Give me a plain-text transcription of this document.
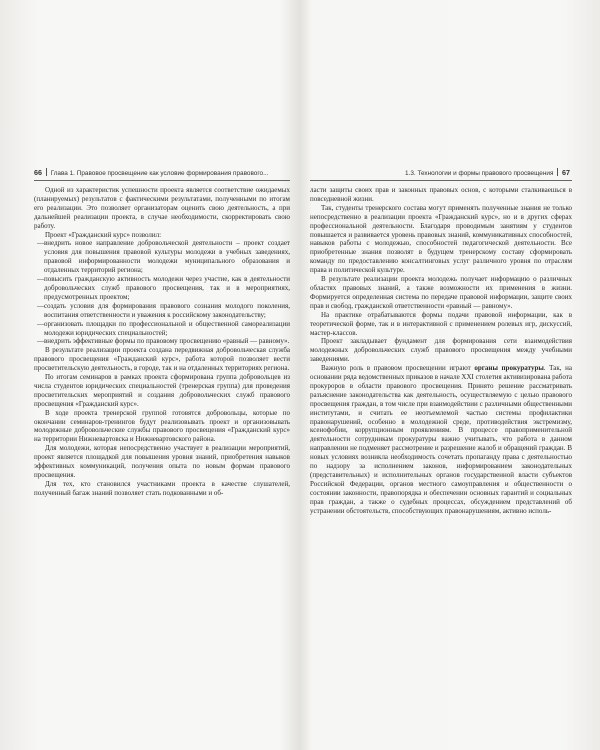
66 Глава 1. Правовое просвещение как условие формирования правового...

Одной из характеристик успешности проекта является соответствие ожидаемых (планируемых) результатов с фактическими результатами, полученными по итогам его реализации. Это позволяет организаторам оценить свою деятельность, а при дальнейшей реализации проекта, в случае необходимости, скорректировать свою работу.

Проект «Гражданский курс» позволил:

—внедрить новое направление добровольческой деятельности – проект создает условия для повышения правовой культуры молодежи в учебных заведениях, правовой информированности молодежи муниципального образования и отдаленных территорий региона;
—повысить гражданскую активность молодежи через участие, как в деятельности добровольческих служб правового просвещения, так и в мероприятиях, предусмотренных проектом;
—создать условия для формирования правового сознания молодого поколения, воспитания ответственности и уважения к российскому законодательству;
—организовать площадки по профессиональной и общественной самореализации молодежи юридических специальностей;
—внедрить эффективные формы по правовому просвещению «равный — равному».

В результате реализации проекта создана передвижная добровольческая служба правового просвещения «Гражданский курс», работа которой позволяет вести просветительскую деятельность, в городе, так и на отдаленных территориях региона.

По итогам семинаров в рамках проекта сформирована группа добровольцев из числа студентов юридических специальностей (тренерская группа) для проведения просветительских мероприятий и создания добровольческих служб правового просвещения «Гражданский курс».

В ходе проекта тренерской группой готовятся добровольцы, которые по окончании семинаров-тренингов будут реализовывать проект и организовывать молодежные добровольческие службы правового просвещения «Гражданский курс» на территории Нижневартовска и Нижневартовского района.

Для молодежи, которая непосредственно участвует в реализации мероприятий, проект является площадкой для повышения уровня знаний, приобретения навыков эффективных коммуникаций, получения опыта по новым формам правового просвещения.

Для тех, кто становился участниками проекта в качестве слушателей, полученный багаж знаний позволяет стать подкованными и об-

1.3. Технологии и формы правового просвещения 67

ласти защиты своих прав и законных правовых основ, с которыми сталкиваешься в повседневной жизни.

Так, студенты тренерского состава могут применять полученные знания не только непосредственно в реализации проекта «Гражданский курс», но и в других сферах профессиональной деятельности. Благодаря проводимым занятиям у студентов повышается и развивается уровень правовых знаний, коммуникативных способностей, навыков работы с молодежью, способностей педагогической деятельности. Все приобретенные знания позволят в будущем тренерскому составу сформировать команду по предоставлению консалтинговых услуг различного уровня по отраслям права и политической культуре.

В результате реализации проекта молодежь получает информацию о различных областях правовых знаний, а также возможности их применения в жизни. Формируется определенная система по передаче правовой информации, защите своих прав и свобод, гражданской ответственности «равный — равному».

На практике отрабатываются формы подачи правовой информации, как в теоретической форме, так и в интерактивной с применением ролевых игр, дискуссий, мастер-классов.

Проект закладывает фундамент для формирования сети взаимодействия молодежных добровольческих служб правового просвещения между учебными заведениями.

Важную роль в правовом просвещении играют органы прокуратуры. Так, на основании ряда ведомственных приказов в начале XXI столетия активизирована работа прокуроров в области правового просвещения. Принято решение рассматривать разъяснение законодательства как деятельность, осуществляемую с целью правового просвещения граждан, в том числе при взаимодействии с различными общественными институтами, и считать ее неотъемлемой частью системы профилактики правонарушений, особенно в молодежной среде, противодействия экстремизму, ксенофобии, коррупционным проявлениям. В процессе правоприменительной деятельности сотрудникам прокуратуры важно учитывать, что работа в данном направлении не подменяет рассмотрение и разрешение жалоб и обращений граждан. В новых условиях возникла необходимость сочетать пропаганду права с деятельностью по надзору за исполнением законов, информированием законодательных (представительных) и исполнительных органов государственной власти субъектов Российской Федерации, органов местного самоуправления и общественности о состоянии законности, правопорядка и обеспечении основных гарантий и социальных прав граждан, а также о судебных процессах, обсуждением представлений об устранении обстоятельств, способствующих правонарушениям, активно исполь-
